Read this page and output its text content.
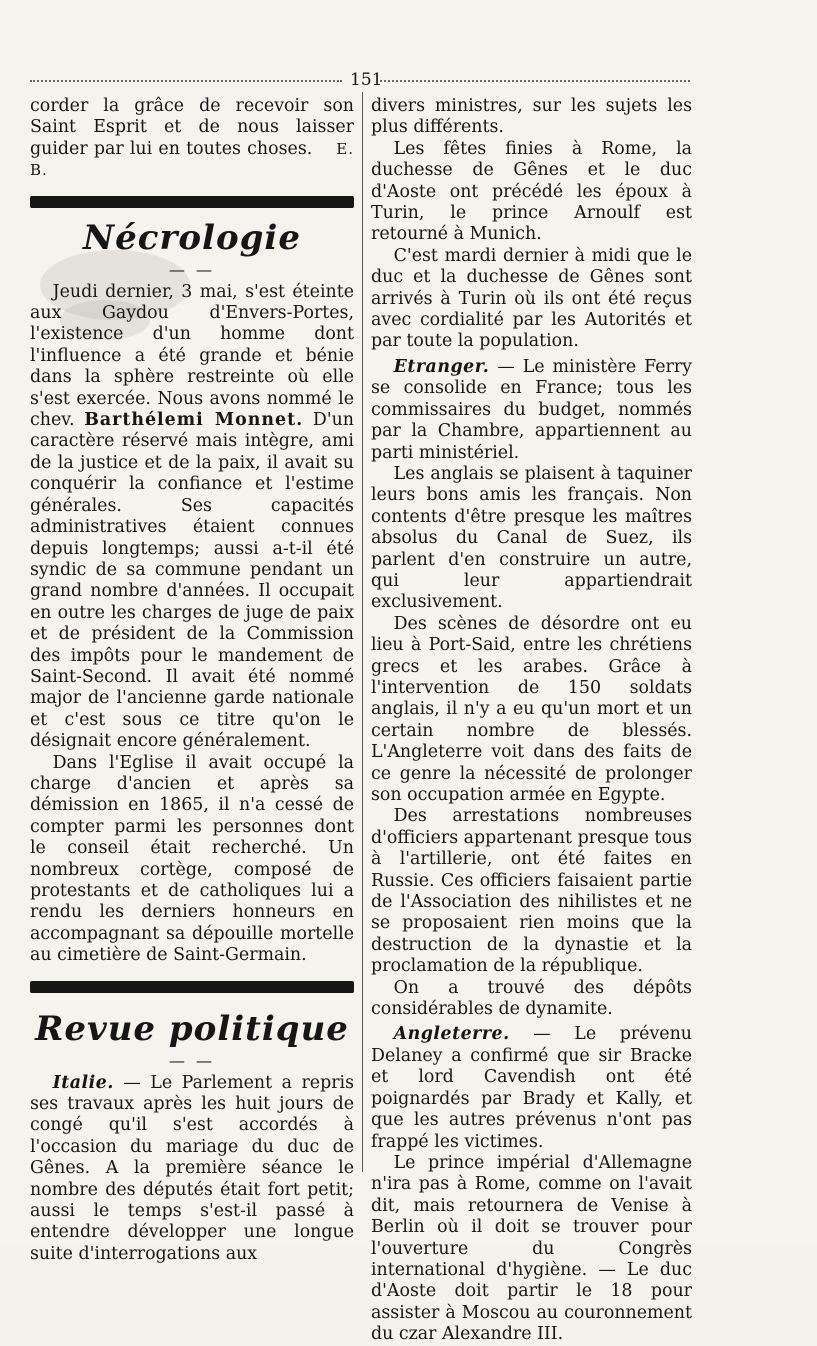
151

corder la grâce de recevoir son Saint Esprit et de nous laisser guider par lui en toutes choses. E. B.

Nécrologie
— —

Jeudi dernier, 3 mai, s'est éteinte aux Gaydou d'Envers-Portes, l'existence d'un homme dont l'influence a été grande et bénie dans la sphère restreinte où elle s'est exercée. Nous avons nommé le chev. Barthélemi Monnet. D'un caractère réservé mais intègre, ami de la justice et de la paix, il avait su conquérir la confiance et l'estime générales. Ses capacités administratives étaient connues depuis longtemps; aussi a-t-il été syndic de sa commune pendant un grand nombre d'années. Il occupait en outre les charges de juge de paix et de président de la Commission des impôts pour le mandement de Saint-Second. Il avait été nommé major de l'ancienne garde nationale et c'est sous ce titre qu'on le désignait encore généralement.

Dans l'Eglise il avait occupé la charge d'ancien et après sa démission en 1865, il n'a cessé de compter parmi les personnes dont le conseil était recherché. Un nombreux cortège, composé de protestants et de catholiques lui a rendu les derniers honneurs en accompagnant sa dépouille mortelle au cimetière de Saint-Germain.

Revue politique
— —

Italie. — Le Parlement a repris ses travaux après les huit jours de congé qu'il s'est accordés à l'occasion du mariage du duc de Gênes. A la première séance le nombre des députés était fort petit; aussi le temps s'est-il passé à entendre développer une longue suite d'interrogations aux

divers ministres, sur les sujets les plus différents.

Les fêtes finies à Rome, la duchesse de Gênes et le duc d'Aoste ont précédé les époux à Turin, le prince Arnoulf est retourné à Munich.

C'est mardi dernier à midi que le duc et la duchesse de Gênes sont arrivés à Turin où ils ont été reçus avec cordialité par les Autorités et par toute la population.

Etranger. — Le ministère Ferry se consolide en France; tous les commissaires du budget, nommés par la Chambre, appartiennent au parti ministériel.

Les anglais se plaisent à taquiner leurs bons amis les français. Non contents d'être presque les maîtres absolus du Canal de Suez, ils parlent d'en construire un autre, qui leur appartiendrait exclusivement.

Des scènes de désordre ont eu lieu à Port-Said, entre les chrétiens grecs et les arabes. Grâce à l'intervention de 150 soldats anglais, il n'y a eu qu'un mort et un certain nombre de blessés. L'Angleterre voit dans des faits de ce genre la nécessité de prolonger son occupation armée en Egypte.

Des arrestations nombreuses d'officiers appartenant presque tous à l'artillerie, ont été faites en Russie. Ces officiers faisaient partie de l'Association des nihilistes et ne se proposaient rien moins que la destruction de la dynastie et la proclamation de la république.

On a trouvé des dépôts considérables de dynamite.

Angleterre. — Le prévenu Delaney a confirmé que sir Bracke et lord Cavendish ont été poignardés par Brady et Kally, et que les autres prévenus n'ont pas frappé les victimes.

Le prince impérial d'Allemagne n'ira pas à Rome, comme on l'avait dit, mais retournera de Venise à Berlin où il doit se trouver pour l'ouverture du Congrès international d'hygiène. — Le duc d'Aoste doit partir le 18 pour assister à Moscou au couronnement du czar Alexandre III.
